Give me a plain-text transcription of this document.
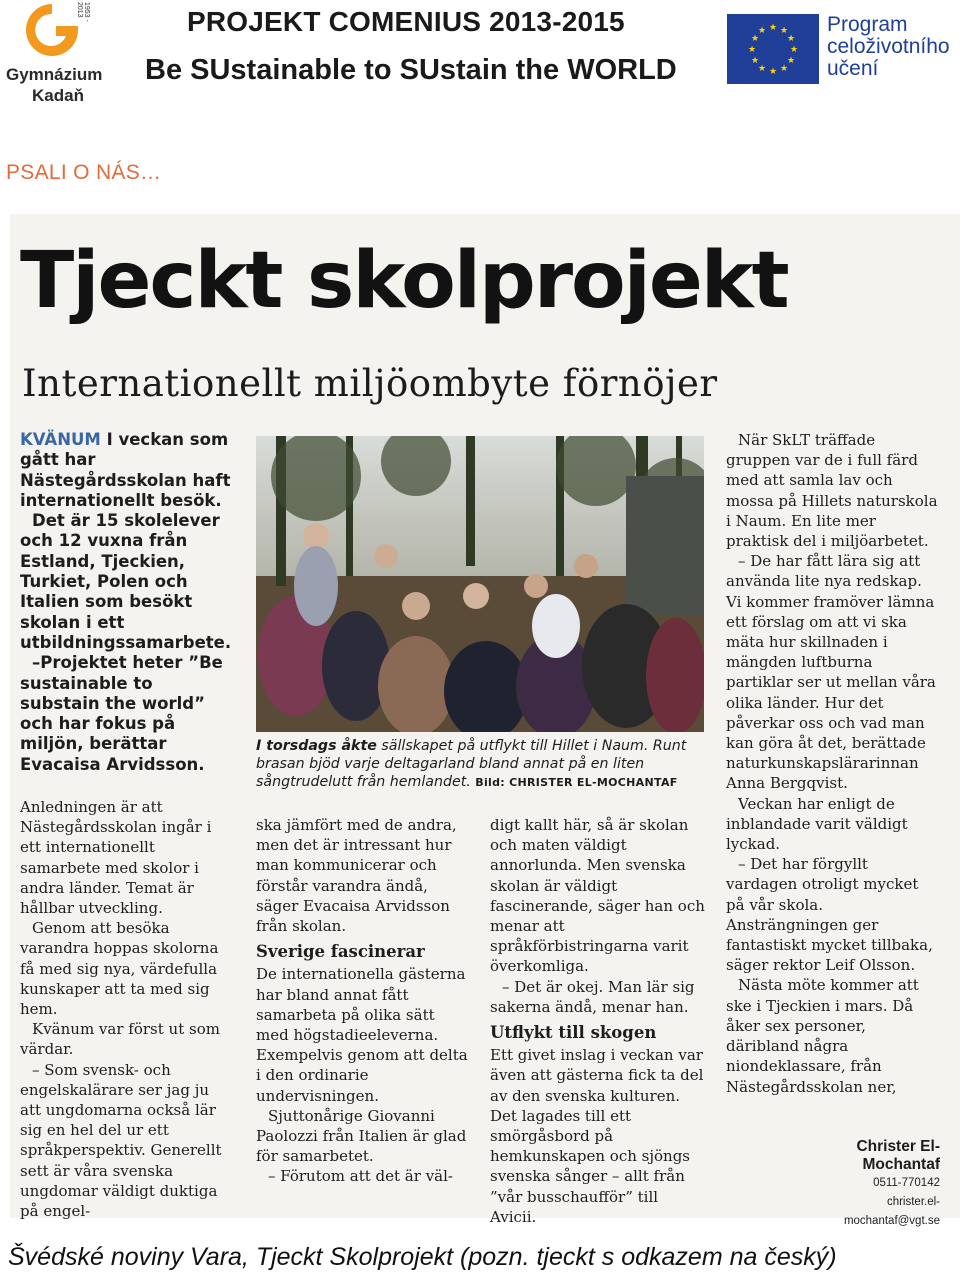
1953 - 2013
Gymnázium
Kadaň
PROJEKT COMENIUS 2013-2015
Be SUstainable to SUstain the WORLD
★ ★
★
★
★
★
★
★
★
★
★
★	Program
celoživotního
učení
PSALI O NÁS…
Tjeckt skolprojekt
Internationellt miljöombyte förnöjer

KVÄNUM I veckan som gått har Nästegårdsskolan haft internationellt besök.

Det är 15 skolelever och 12 vuxna från Estland, Tjeckien, Turkiet, Polen och Italien som besökt skolan i ett utbildningssamarbete.

–Projektet heter ”Be sustainable to substain the world” och har fokus på miljön, berättar Evacaisa Arvidsson.

Anledningen är att Nästegårdsskolan ingår i ett internationellt samarbete med skolor i andra länder. Temat är hållbar utveckling.

Genom att besöka varandra hoppas skolorna få med sig nya, värdefulla kunskaper att ta med sig hem.

Kvänum var först ut som värdar.

– Som svensk- och engelskalärare ser jag ju att ungdomarna också lär sig en hel del ur ett språkperspektiv. Generellt sett är våra svenska ungdomar väldigt duktiga på engel-

I torsdags åkte sällskapet på utflykt till Hillet i Naum. Runt brasan bjöd varje deltagarland bland annat på en liten sångtrudelutt från hemlandet. Bild: CHRISTER EL-MOCHANTAF

ska jämfört med de andra, men det är intressant hur man kommunicerar och förstår varandra ändå, säger Evacaisa Arvidsson från skolan.

Sverige fascinerar

De internationella gästerna har bland annat fått samarbeta på olika sätt med högstadieeleverna. Exempelvis genom att delta i den ordinarie undervisningen.

Sjuttonårige Giovanni Paolozzi från Italien är glad för samarbetet.

– Förutom att det är väl-

digt kallt här, så är skolan och maten väldigt annorlunda. Men svenska skolan är väldigt fascinerande, säger han och menar att språkförbistringarna varit överkomliga.

– Det är okej. Man lär sig sakerna ändå, menar han.

Utflykt till skogen

Ett givet inslag i veckan var även att gästerna fick ta del av den svenska kulturen. Det lagades till ett smörgåsbord på hemkunskapen och sjöngs svenska sånger – allt från ”vår busschaufför” till Avicii.

När SkLT träffade gruppen var de i full färd med att samla lav och mossa på Hillets naturskola i Naum. En lite mer praktisk del i miljöarbetet.

– De har fått lära sig att använda lite nya redskap. Vi kommer framöver lämna ett förslag om att vi ska mäta hur skillnaden i mängden luftburna partiklar ser ut mellan våra olika länder. Hur det påverkar oss och vad man kan göra åt det, berättade naturkunskapslärarinnan Anna Bergqvist.

Veckan har enligt de inblandade varit väldigt lyckad.

– Det har förgyllt vardagen otroligt mycket på vår skola. Ansträngningen ger fantastiskt mycket tillbaka, säger rektor Leif Olsson.

Nästa möte kommer att ske i Tjeckien i mars. Då åker sex personer, däribland några niondeklassare, från Nästegårdsskolan ner,

Christer El-Mochantaf
0511-770142
christer.el-mochantaf@vgt.se
Švédské noviny Vara, Tjeckt Skolprojekt (pozn. tjeckt s odkazem na český)
